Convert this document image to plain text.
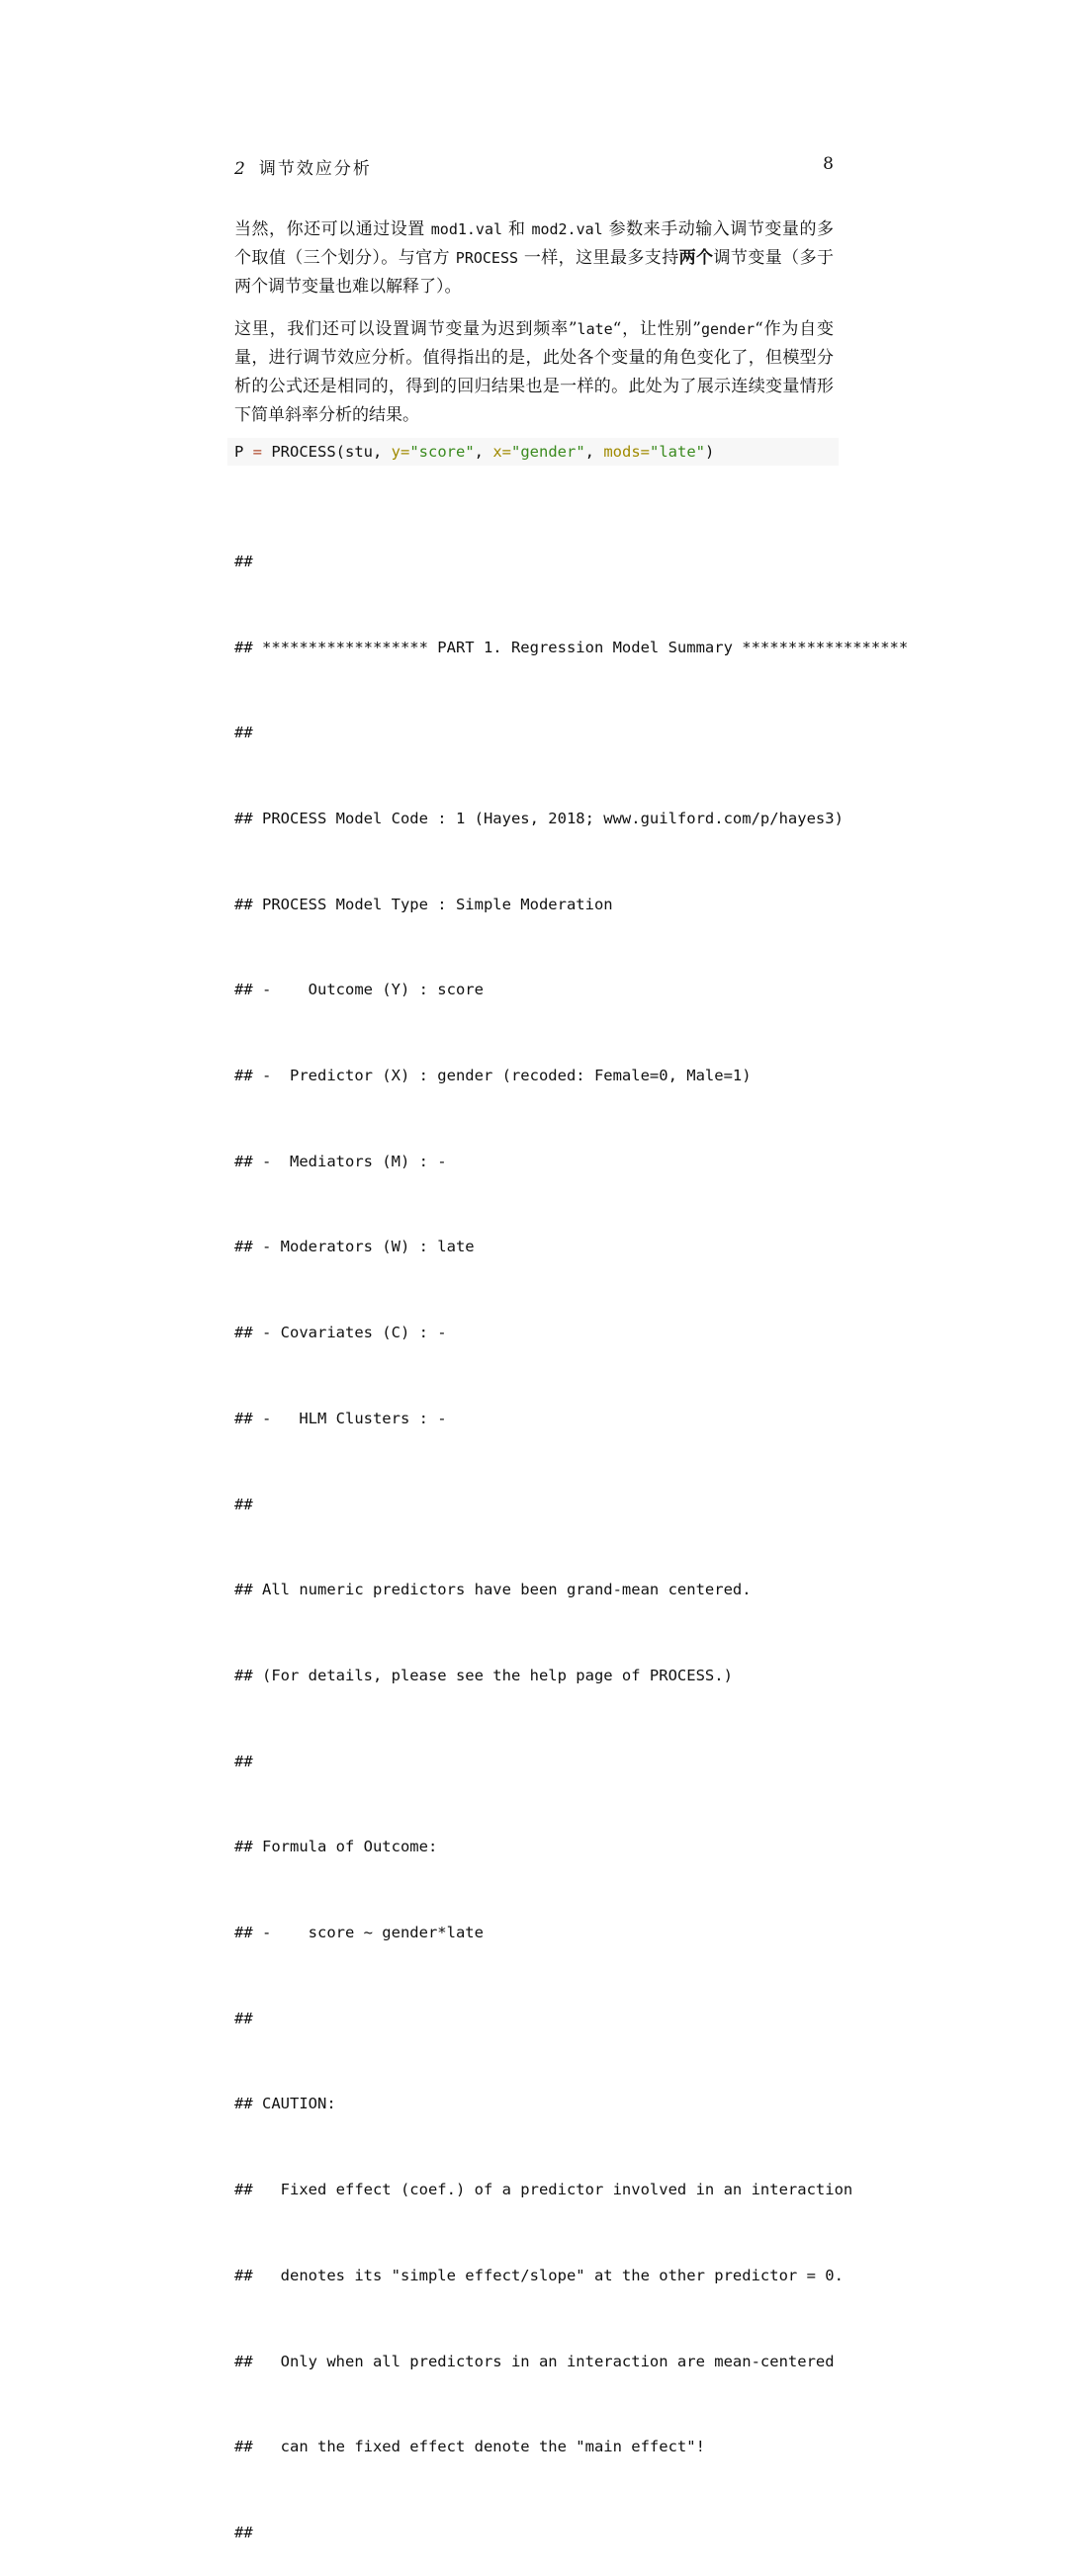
2 调节效应分析	8
当然，你还可以通过设置 mod1.val 和 mod2.val 参数来手动输入调节变量的多个取值（三个划分）。与官方 PROCESS 一样，这里最多支持两个调节变量（多于两个调节变量也难以解释了）。
这里，我们还可以设置调节变量为迟到频率”late“，让性别”gender“作为自变量，进行调节效应分析。值得指出的是，此处各个变量的角色变化了，但模型分析的公式还是相同的，得到的回归结果也是一样的。此处为了展示连续变量情形下简单斜率分析的结果。
P = PROCESS(stu, y="score", x="gender", mods="late")

##

## ****************** PART 1. Regression Model Summary ******************

##

## PROCESS Model Code : 1 (Hayes, 2018; www.guilford.com/p/hayes3)

## PROCESS Model Type : Simple Moderation

## -    Outcome (Y) : score

## -  Predictor (X) : gender (recoded: Female=0, Male=1)

## -  Mediators (M) : -

## - Moderators (W) : late

## - Covariates (C) : -

## -   HLM Clusters : -

##

## All numeric predictors have been grand-mean centered.

## (For details, please see the help page of PROCESS.)

##

## Formula of Outcome:

## -    score ~ gender*late

##

## CAUTION:

##   Fixed effect (coef.) of a predictor involved in an interaction

##   denotes its "simple effect/slope" at the other predictor = 0.

##   Only when all predictors in an interaction are mean-centered

##   can the fixed effect denote the "main effect"!

##
